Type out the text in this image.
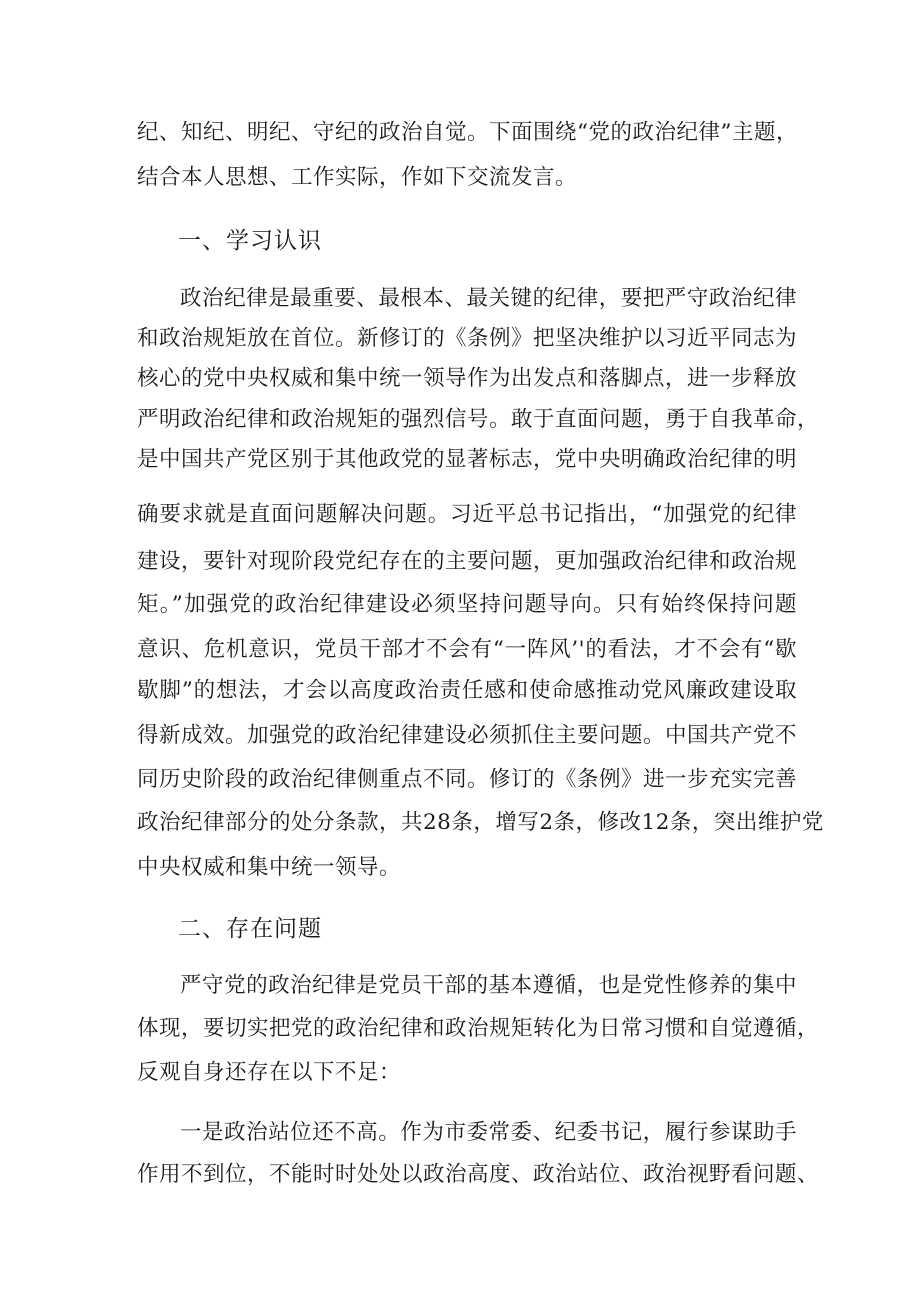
纪、知纪、明纪、守纪的政治自觉。下面围绕“党的政治纪律”主题，
结合本人思想、工作实际，作如下交流发言。
一、学习认识
政治纪律是最重要、最根本、最关键的纪律，要把严守政治纪律
和政治规矩放在首位。新修订的《条例》把坚决维护以习近平同志为
核心的党中央权威和集中统一领导作为出发点和落脚点，进一步释放
严明政治纪律和政治规矩的强烈信号。敢于直面问题，勇于自我革命，
是中国共产党区别于其他政党的显著标志，党中央明确政治纪律的明
确要求就是直面问题解决问题。习近平总书记指出，“加强党的纪律
建设，要针对现阶段党纪存在的主要问题，更加强政治纪律和政治规
矩。”加强党的政治纪律建设必须坚持问题导向。只有始终保持问题
意识、危机意识，党员干部才不会有“一阵风’'的看法，才不会有“歇
歇脚”的想法，才会以高度政治责任感和使命感推动党风廉政建设取
得新成效。加强党的政治纪律建设必须抓住主要问题。中国共产党不
同历史阶段的政治纪律侧重点不同。修订的《条例》进一步充实完善
政治纪律部分的处分条款，共28条，增写2条，修改12条，突出维护党
中央权威和集中统一领导。
二、存在问题
严守党的政治纪律是党员干部的基本遵循，也是党性修养的集中
体现，要切实把党的政治纪律和政治规矩转化为日常习惯和自觉遵循，
反观自身还存在以下不足：
一是政治站位还不高。作为市委常委、纪委书记，履行参谋助手
作用不到位，不能时时处处以政治高度、政治站位、政治视野看问题、
